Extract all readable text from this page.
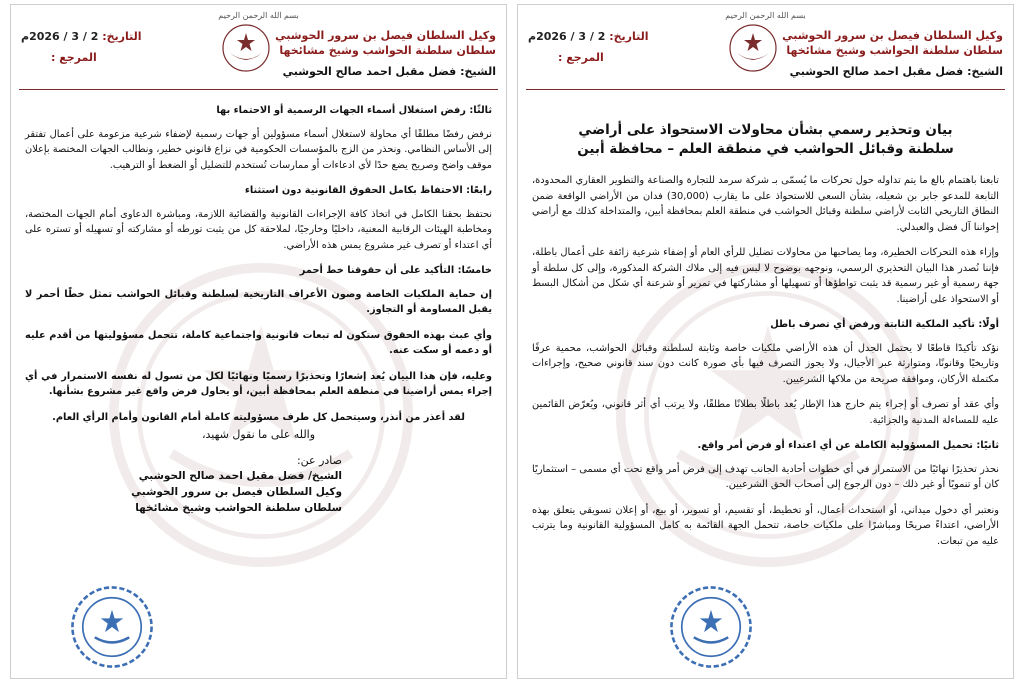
بسم الله الرحمن الرحيم
وكيل السلطان فيصل بن سرور الحوشبي
سلطان سلطنة الحواشب وشيخ مشائخها
الشيخ: فضل مقبل احمد صالح الحوشبي
التاريخ: 2 / 3 / 2026م
المرجع :

ثالثًا: رفض استغلال أسماء الجهات الرسمية أو الاحتماء بها

نرفض رفضًا مطلقًا أي محاولة لاستغلال أسماء مسؤولين أو جهات رسمية لإضفاء شرعية مزعومة على أعمال تفتقر إلى الأساس النظامي. ونحذر من الزج بالمؤسسات الحكومية في نزاع قانوني خطير، ونطالب الجهات المختصة بإعلان موقف واضح وصريح يضع حدًا لأي ادعاءات أو ممارسات تُستخدم للتضليل أو الضغط أو الترهيب.

رابعًا: الاحتفاظ بكامل الحقوق القانونية دون استثناء

نحتفظ بحقنا الكامل في اتخاذ كافة الإجراءات القانونية والقضائية اللازمة، ومباشرة الدعاوى أمام الجهات المختصة، ومخاطبة الهيئات الرقابية المعنية، داخليًا وخارجيًا، لملاحقة كل من يثبت تورطه أو مشاركته أو تسهيله أو تستره على أي اعتداء أو تصرف غير مشروع يمس هذه الأراضي.

خامسًا: التأكيد على أن حقوقنا خط أحمر

إن حماية الملكيات الخاصة وصون الأعراف التاريخية لسلطنة وقبائل الحواشب تمثل خطًا أحمر لا يقبل المساومة أو التجاوز.

وأي عبث بهذه الحقوق ستكون له تبعات قانونية واجتماعية كاملة، تتحمل مسؤوليتها من أقدم عليه أو دعمه أو سكت عنه.

وعليه، فإن هذا البيان يُعد إشعارًا وتحذيرًا رسميًا ونهائيًا لكل من تسول له نفسه الاستمرار في أي إجراء يمس أراضينا في منطقة العلم بمحافظة أبين، أو يحاول فرض واقع غير مشروع بشأنها.

لقد أعذر من أنذر، وسيتحمل كل طرف مسؤوليته كاملة أمام القانون وأمام الرأي العام.

والله على ما نقول شهيد،

صادر عن:
الشيخ/ فضل مقبل احمد صالح الحوشبي
وكيل السلطان فيصل بن سرور الحوشبي
سلطان سلطنة الحواشب وشيخ مشائخها
بسم الله الرحمن الرحيم
وكيل السلطان فيصل بن سرور الحوشبي
سلطان سلطنة الحواشب وشيخ مشائخها
الشيخ: فضل مقبل احمد صالح الحوشبي
التاريخ: 2 / 3 / 2026م
المرجع :
بيان وتحذير رسمي بشأن محاولات الاستحواذ على أراضي
سلطنة وقبائل الحواشب في منطقة العلم – محافظة أبين

تابعنا باهتمام بالغ ما يتم تداوله حول تحركات ما يُسمّى بـ شركة سرمد للتجارة والصناعة والتطوير العقاري المحدودة، التابعة للمدعو جابر بن شعيله، بشأن السعي للاستحواذ على ما يقارب (30,000) فدان من الأراضي الواقعة ضمن النطاق التاريخي الثابت لأراضي سلطنة وقبائل الحواشب في منطقة العلم بمحافظة أبين، والمتداخلة كذلك مع أراضي إخواننا آل فضل والعبدلي.

وإزاء هذه التحركات الخطيرة، وما يصاحبها من محاولات تضليل للرأي العام أو إضفاء شرعية زائفة على أعمال باطلة، فإننا نُصدر هذا البيان التحذيري الرسمي، ونوجهه بوضوح لا لبس فيه إلى ملاك الشركة المذكورة، وإلى كل سلطة أو جهة رسمية أو غير رسمية قد يثبت تواطؤها أو تسهيلها أو مشاركتها في تمرير أو شرعنة أي شكل من أشكال البسط أو الاستحواذ على أراضينا.

أولًا: تأكيد الملكية الثابتة ورفض أي تصرف باطل

نؤكد تأكيدًا قاطعًا لا يحتمل الجدل أن هذه الأراضي ملكيات خاصة وثابتة لسلطنة وقبائل الحواشب، محمية عرفًا وتاريخيًا وقانونًا، ومتوارثة عبر الأجيال، ولا يجوز التصرف فيها بأي صورة كانت دون سند قانوني صحيح، وإجراءات مكتملة الأركان، وموافقة صريحة من ملاكها الشرعيين.

وأي عقد أو تصرف أو إجراء يتم خارج هذا الإطار يُعد باطلًا بطلانًا مطلقًا، ولا يرتب أي أثر قانوني، ويُعرّض القائمين عليه للمساءلة المدنية والجزائية.

ثانيًا: تحميل المسؤولية الكاملة عن أي اعتداء أو فرض أمر واقع.

نحذر تحذيرًا نهائيًا من الاستمرار في أي خطوات أحادية الجانب تهدف إلى فرض أمر واقع تحت أي مسمى – استثماريًا كان أو تنمويًا أو غير ذلك – دون الرجوع إلى أصحاب الحق الشرعيين.

ونعتبر أي دخول ميداني، أو استحداث أعمال، أو تخطيط، أو تقسيم، أو تسوير، أو بيع، أو إعلان تسويقي يتعلق بهذه الأراضي، اعتداءً صريحًا ومباشرًا على ملكيات خاصة، تتحمل الجهة القائمة به كامل المسؤولية القانونية وما يترتب عليه من تبعات.
